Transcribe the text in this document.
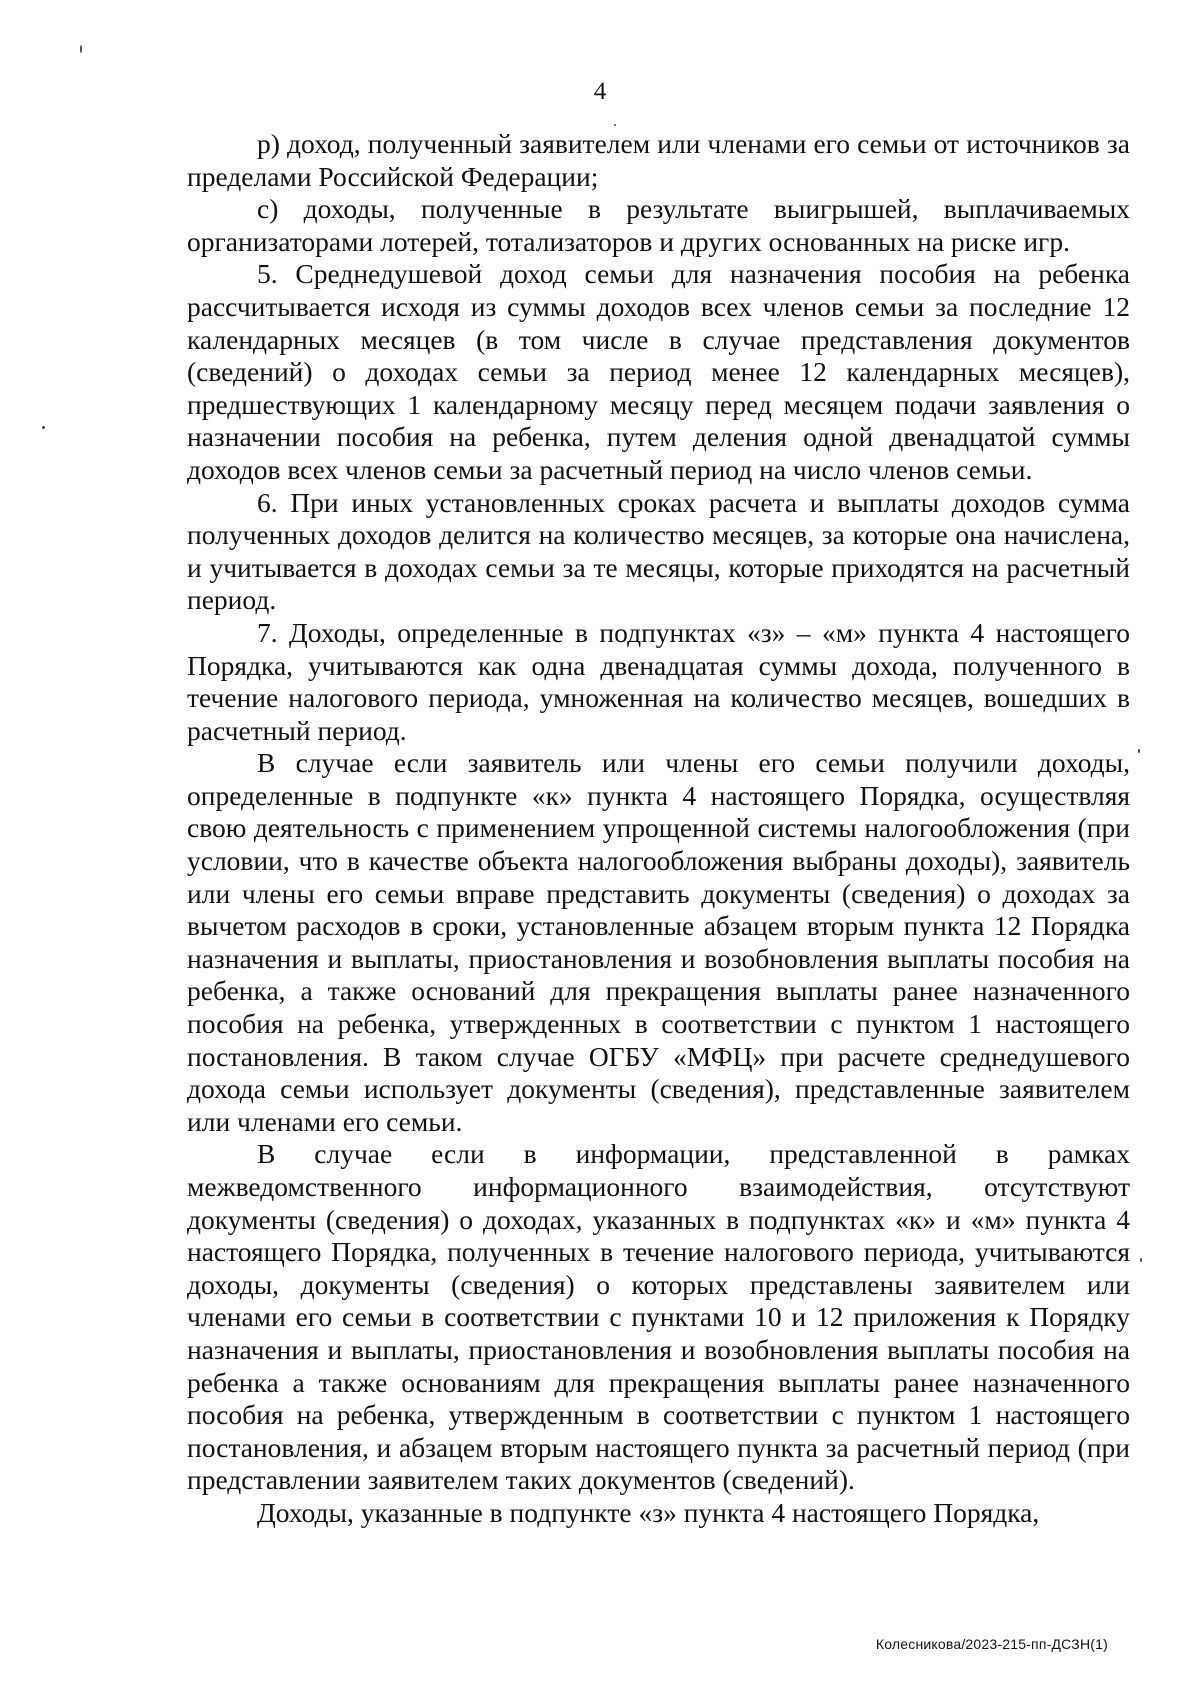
4

р) доход, полученный заявителем или членами его семьи от источников за пределами Российской Федерации;

с) доходы, полученные в результате выигрышей, выплачиваемых организаторами лотерей, тотализаторов и других основанных на риске игр.

5. Среднедушевой доход семьи для назначения пособия на ребенка рассчитывается исходя из суммы доходов всех членов семьи за последние 12 календарных месяцев (в том числе в случае представления документов (сведений) о доходах семьи за период менее 12 календарных месяцев), предшествующих 1 календарному месяцу перед месяцем подачи заявления о назначении пособия на ребенка, путем деления одной двенадцатой суммы доходов всех членов семьи за расчетный период на число членов семьи.

6. При иных установленных сроках расчета и выплаты доходов сумма полученных доходов делится на количество месяцев, за которые она начислена, и учитывается в доходах семьи за те месяцы, которые приходятся на расчетный период.

7. Доходы, определенные в подпунктах «з» – «м» пункта 4 настоящего Порядка, учитываются как одна двенадцатая суммы дохода, полученного в течение налогового периода, умноженная на количество месяцев, вошедших в расчетный период.

В случае если заявитель или члены его семьи получили доходы, определенные в подпункте «к» пункта 4 настоящего Порядка, осуществляя свою деятельность с применением упрощенной системы налогообложения (при условии, что в качестве объекта налогообложения выбраны доходы), заявитель или члены его семьи вправе представить документы (сведения) о доходах за вычетом расходов в сроки, установленные абзацем вторым пункта 12 Порядка назначения и выплаты, приостановления и возобновления выплаты пособия на ребенка, а также оснований для прекращения выплаты ранее назначенного пособия на ребенка, утвержденных в соответствии с пунктом 1 настоящего постановления. В таком случае ОГБУ «МФЦ» при расчете среднедушевого дохода семьи использует документы (сведения), представленные заявителем или членами его семьи.

В случае если в информации, представленной в рамках межведомственного информационного взаимодействия, отсутствуют документы (сведения) о доходах, указанных в подпунктах «к» и «м» пункта 4 настоящего Порядка, полученных в течение налогового периода, учитываются доходы, документы (сведения) о которых представлены заявителем или членами его семьи в соответствии с пунктами 10 и 12 приложения к Порядку назначения и выплаты, приостановления и возобновления выплаты пособия на ребенка а также основаниям для прекращения выплаты ранее назначенного пособия на ребенка, утвержденным в соответствии с пунктом 1 настоящего постановления, и абзацем вторым настоящего пункта за расчетный период (при представлении заявителем таких документов (сведений).

Доходы, указанные в подпункте «з» пункта 4 настоящего Порядка,

Колесникова/2023-215-пп-ДСЗН(1)
